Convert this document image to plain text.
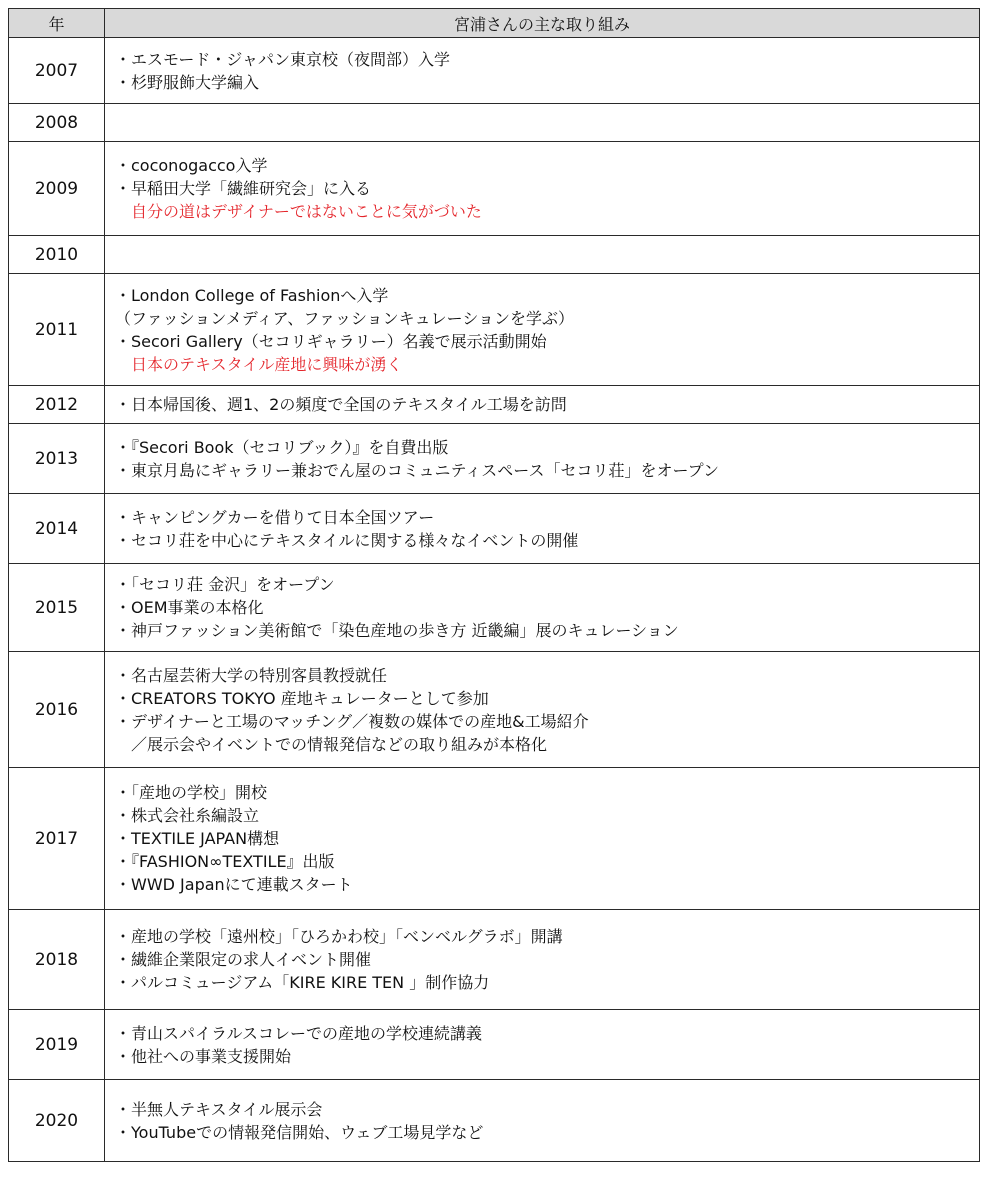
年	宮浦さんの主な取り組み
2007	・エスモード・ジャパン東京校（夜間部）入学
・杉野服飾大学編入

2008	
2009	・coconogacco入学
・早稲田大学「繊維研究会」に入る
　自分の道はデザイナーではないことに気がづいた

2010	
2011	・London College of Fashionへ入学
（ファッションメディア、ファッションキュレーションを学ぶ）
・Secori Gallery（セコリギャラリー）名義で展示活動開始
　日本のテキスタイル産地に興味が湧く

2012	・日本帰国後、週1、2の頻度で全国のテキスタイル工場を訪問

2013	・『Secori Book（セコリブック）』を自費出版
・東京月島にギャラリー兼おでん屋のコミュニティスペース「セコリ荘」をオープン

2014	・キャンピングカーを借りて日本全国ツアー
・セコリ荘を中心にテキスタイルに関する様々なイベントの開催

2015	・「セコリ荘 金沢」をオープン
・OEM事業の本格化
・神戸ファッション美術館で「染色産地の歩き方 近畿編」展のキュレーション

2016	・名古屋芸術大学の特別客員教授就任
・CREATORS TOKYO 産地キュレーターとして参加
・デザイナーと工場のマッチング／複数の媒体での産地&工場紹介
　／展示会やイベントでの情報発信などの取り組みが本格化

2017	・「産地の学校」開校
・株式会社糸編設立
・TEXTILE JAPAN構想
・『FASHION∞TEXTILE』出版
・WWD Japanにて連載スタート

2018	・産地の学校「遠州校」「ひろかわ校」「ベンベルグラボ」開講
・繊維企業限定の求人イベント開催
・パルコミュージアム「KIRE KIRE TEN 」制作協力

2019	・青山スパイラルスコレーでの産地の学校連続講義
・他社への事業支援開始

2020	・半無人テキスタイル展示会
・YouTubeでの情報発信開始、ウェブ工場見学など
